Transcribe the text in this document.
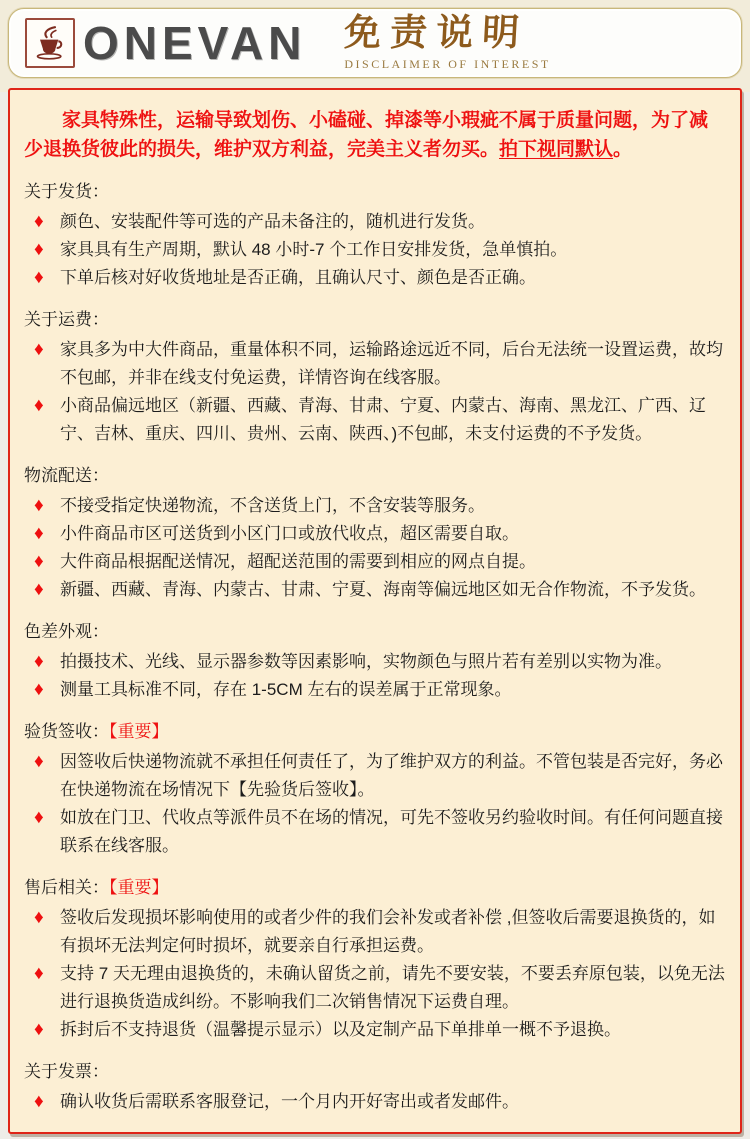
ONEVAN 免责说明
DISCLAIMER OF INTEREST

家具特殊性，运输导致划伤、小磕碰、掉漆等小瑕疵不属于质量问题，为了减少退换货彼此的损失，维护双方利益，完美主义者勿买。拍下视同默认。

关于发货：
♦ 颜色、安装配件等可选的产品未备注的，随机进行发货。
♦ 家具具有生产周期，默认 48 小时-7 个工作日安排发货，急单慎拍。
♦ 下单后核对好收货地址是否正确，且确认尺寸、颜色是否正确。
关于运费：
♦ 家具多为中大件商品，重量体积不同，运输路途远近不同，后台无法统一设置运费，故均不包邮，并非在线支付免运费，详情咨询在线客服。
♦ 小商品偏远地区（新疆、西藏、青海、甘肃、宁夏、内蒙古、海南、黑龙江、广西、辽宁、吉林、重庆、四川、贵州、云南、陕西、)不包邮，未支付运费的不予发货。
物流配送：
♦ 不接受指定快递物流，不含送货上门，不含安装等服务。
♦ 小件商品市区可送货到小区门口或放代收点，超区需要自取。
♦ 大件商品根据配送情况，超配送范围的需要到相应的网点自提。
♦ 新疆、西藏、青海、内蒙古、甘肃、宁夏、海南等偏远地区如无合作物流，不予发货。
色差外观：
♦ 拍摄技术、光线、显示器参数等因素影响，实物颜色与照片若有差别以实物为准。
♦ 测量工具标准不同，存在 1-5CM 左右的误差属于正常现象。
验货签收：【重要】
♦ 因签收后快递物流就不承担任何责任了，为了维护双方的利益。不管包装是否完好，务必在快递物流在场情况下【先验货后签收】。
♦ 如放在门卫、代收点等派件员不在场的情况，可先不签收另约验收时间。有任何问题直接联系在线客服。
售后相关：【重要】
♦ 签收后发现损坏影响使用的或者少件的我们会补发或者补偿 ,但签收后需要退换货的，如有损坏无法判定何时损坏，就要亲自行承担运费。
♦ 支持 7 天无理由退换货的，未确认留货之前，请先不要安装，不要丢弃原包装，以免无法进行退换货造成纠纷。不影响我们二次销售情况下运费自理。
♦ 拆封后不支持退货（温馨提示显示）以及定制产品下单排单一概不予退换。
关于发票：
♦ 确认收货后需联系客服登记，一个月内开好寄出或者发邮件。
